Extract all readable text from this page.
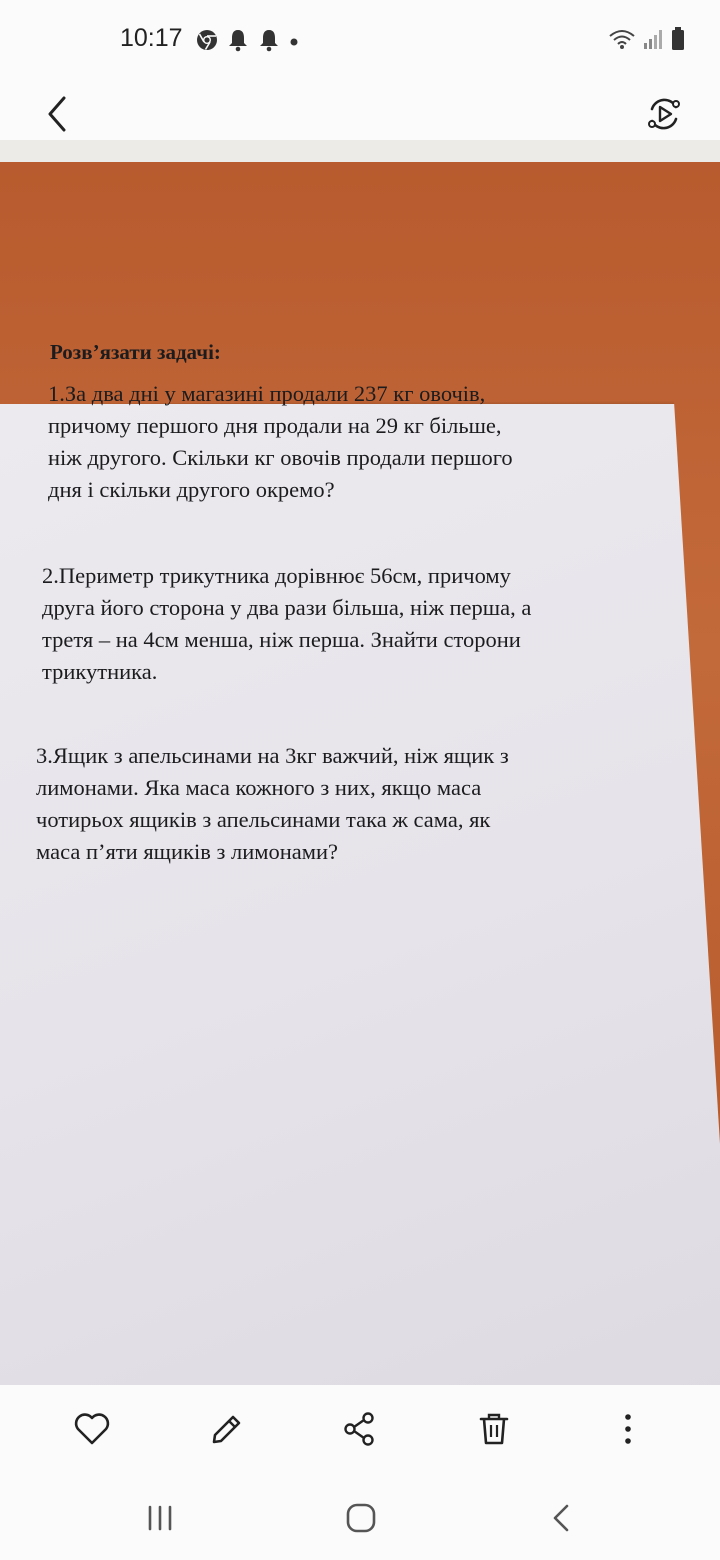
10:17
Розв’язати задачі:
1.За два дні у магазині продали 237 кг овочів,
причому першого дня продали на 29 кг більше,
ніж другого. Скільки кг овочів продали першого
дня і скільки другого окремо?
2.Периметр трикутника дорівнює 56см, причому
друга його сторона у два рази більша, ніж перша, а
третя – на 4см менша, ніж перша. Знайти сторони
трикутника.
3.Ящик з апельсинами на 3кг важчий, ніж ящик з
лимонами. Яка маса кожного з них, якщо маса
чотирьох ящиків з апельсинами така ж сама, як
маса п’яти ящиків з лимонами?
